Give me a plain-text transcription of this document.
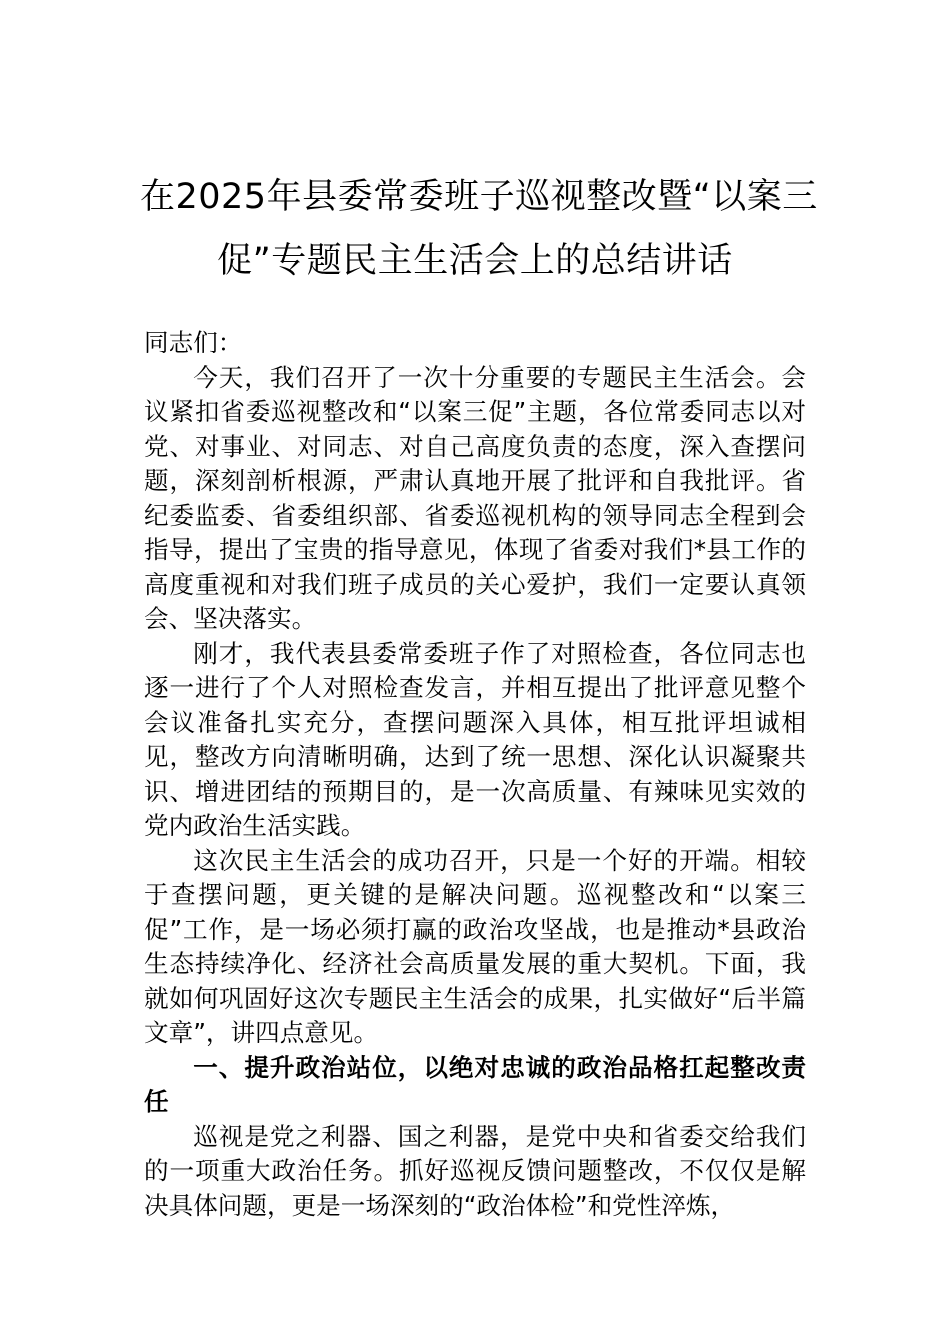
在2025年县委常委班子巡视整改暨“以案三
促”专题民主生活会上的总结讲话

同志们：

今天，我们召开了一次十分重要的专题民主生活会。会议紧扣省委巡视整改和“以案三促”主题，各位常委同志以对党、对事业、对同志、对自己高度负责的态度，深入查摆问题，深刻剖析根源，严肃认真地开展了批评和自我批评。省纪委监委、省委组织部、省委巡视机构的领导同志全程到会指导，提出了宝贵的指导意见，体现了省委对我们*县工作的高度重视和对我们班子成员的关心爱护，我们一定要认真领会、坚决落实。

刚才，我代表县委常委班子作了对照检查，各位同志也逐一进行了个人对照检查发言，并相互提出了批评意见整个会议准备扎实充分，查摆问题深入具体，相互批评坦诚相见，整改方向清晰明确，达到了统一思想、深化认识凝聚共识、增进团结的预期目的，是一次高质量、有辣味见实效的党内政治生活实践。

这次民主生活会的成功召开，只是一个好的开端。相较于查摆问题，更关键的是解决问题。巡视整改和“以案三促”工作，是一场必须打赢的政治攻坚战，也是推动*县政治生态持续净化、经济社会高质量发展的重大契机。下面，我就如何巩固好这次专题民主生活会的成果，扎实做好“后半篇文章”，讲四点意见。

一、提升政治站位，以绝对忠诚的政治品格扛起整改责任

巡视是党之利器、国之利器，是党中央和省委交给我们的一项重大政治任务。抓好巡视反馈问题整改，不仅仅是解决具体问题，更是一场深刻的“政治体检”和党性淬炼，
